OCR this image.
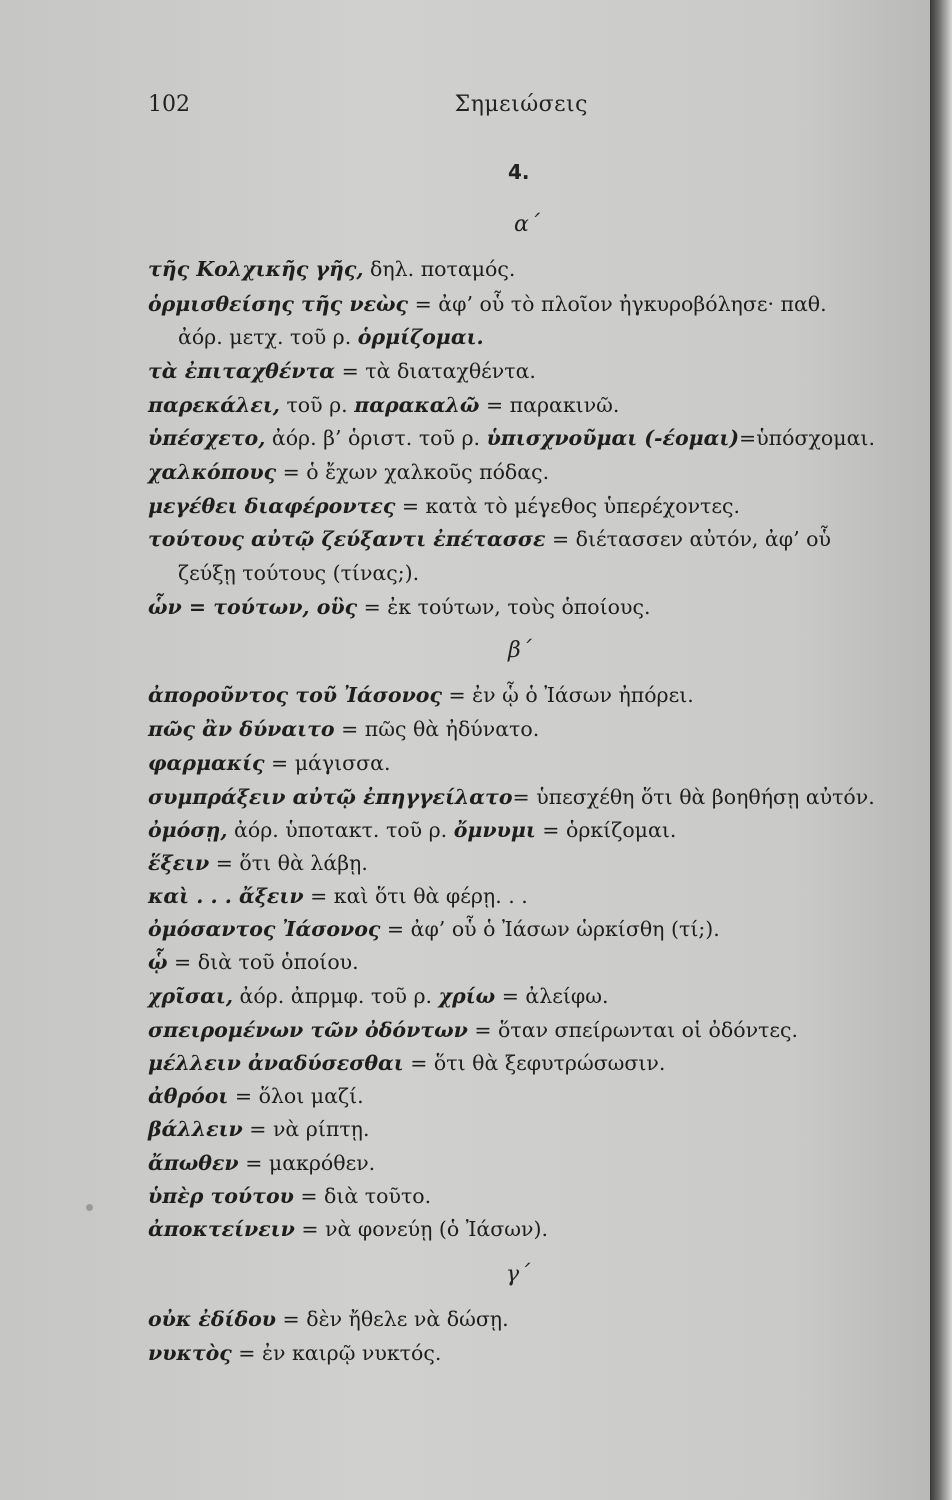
102	Σημειώσεις
4.
α΄
τῆς Κολχικῆς γῆς, δηλ. ποταμός.
ὁρμισθείσης τῆς νεὼς = ἀφ’ οὗ τὸ πλοῖον ἠγκυροβόλησε· παθ.
ἀόρ. μετχ. τοῦ ρ. ὁρμίζομαι.
τὰ ἐπιταχθέντα = τὰ διαταχθέντα.
παρεκάλει, τοῦ ρ. παρακαλῶ = παρακινῶ.
ὑπέσχετο, ἀόρ. β’ ὁριστ. τοῦ ρ. ὑπισχνοῦμαι (-έομαι)=ὑπόσχομαι.
χαλκόπους = ὁ ἔχων χαλκοῦς πόδας.
μεγέθει διαφέροντες = κατὰ τὸ μέγεθος ὑπερέχοντες.
τούτους αὐτῷ ζεύξαντι ἐπέτασσε = διέτασσεν αὐτόν, ἀφ’ οὗ
ζεύξῃ τούτους (τίνας;).
ὧν = τούτων, οὓς = ἐκ τούτων, τοὺς ὁποίους.
β΄
ἀποροῦντος τοῦ Ἰάσονος = ἐν ᾧ ὁ Ἰάσων ἠπόρει.
πῶς ἂν δύναιτο = πῶς θὰ ἠδύνατο.
φαρμακίς = μάγισσα.
συμπράξειν αὐτῷ ἐπηγγείλατο= ὑπεσχέθη ὅτι θὰ βοηθήσῃ αὐτόν.
ὀμόσῃ, ἀόρ. ὑποτακτ. τοῦ ρ. ὄμνυμι = ὁρκίζομαι.
ἕξειν = ὅτι θὰ λάβῃ.
καὶ . . . ἄξειν = καὶ ὅτι θὰ φέρῃ. . .
ὀμόσαντος Ἰάσονος = ἀφ’ οὗ ὁ Ἰάσων ὡρκίσθη (τί;).
ᾧ = διὰ τοῦ ὁποίου.
χρῖσαι, ἀόρ. ἀπρμφ. τοῦ ρ. χρίω = ἀλείφω.
σπειρομένων τῶν ὀδόντων = ὅταν σπείρωνται οἱ ὀδόντες.
μέλλειν ἀναδύσεσθαι = ὅτι θὰ ξεφυτρώσωσιν.
ἀθρόοι = ὅλοι μαζί.
βάλλειν = νὰ ρίπτῃ.
ἄπωθεν = μακρόθεν.
ὑπὲρ τούτου = διὰ τοῦτο.
ἀποκτείνειν = νὰ φονεύῃ (ὁ Ἰάσων).
γ΄
οὐκ ἐδίδου = δὲν ἤθελε νὰ δώσῃ.
νυκτὸς = ἐν καιρῷ νυκτός.
